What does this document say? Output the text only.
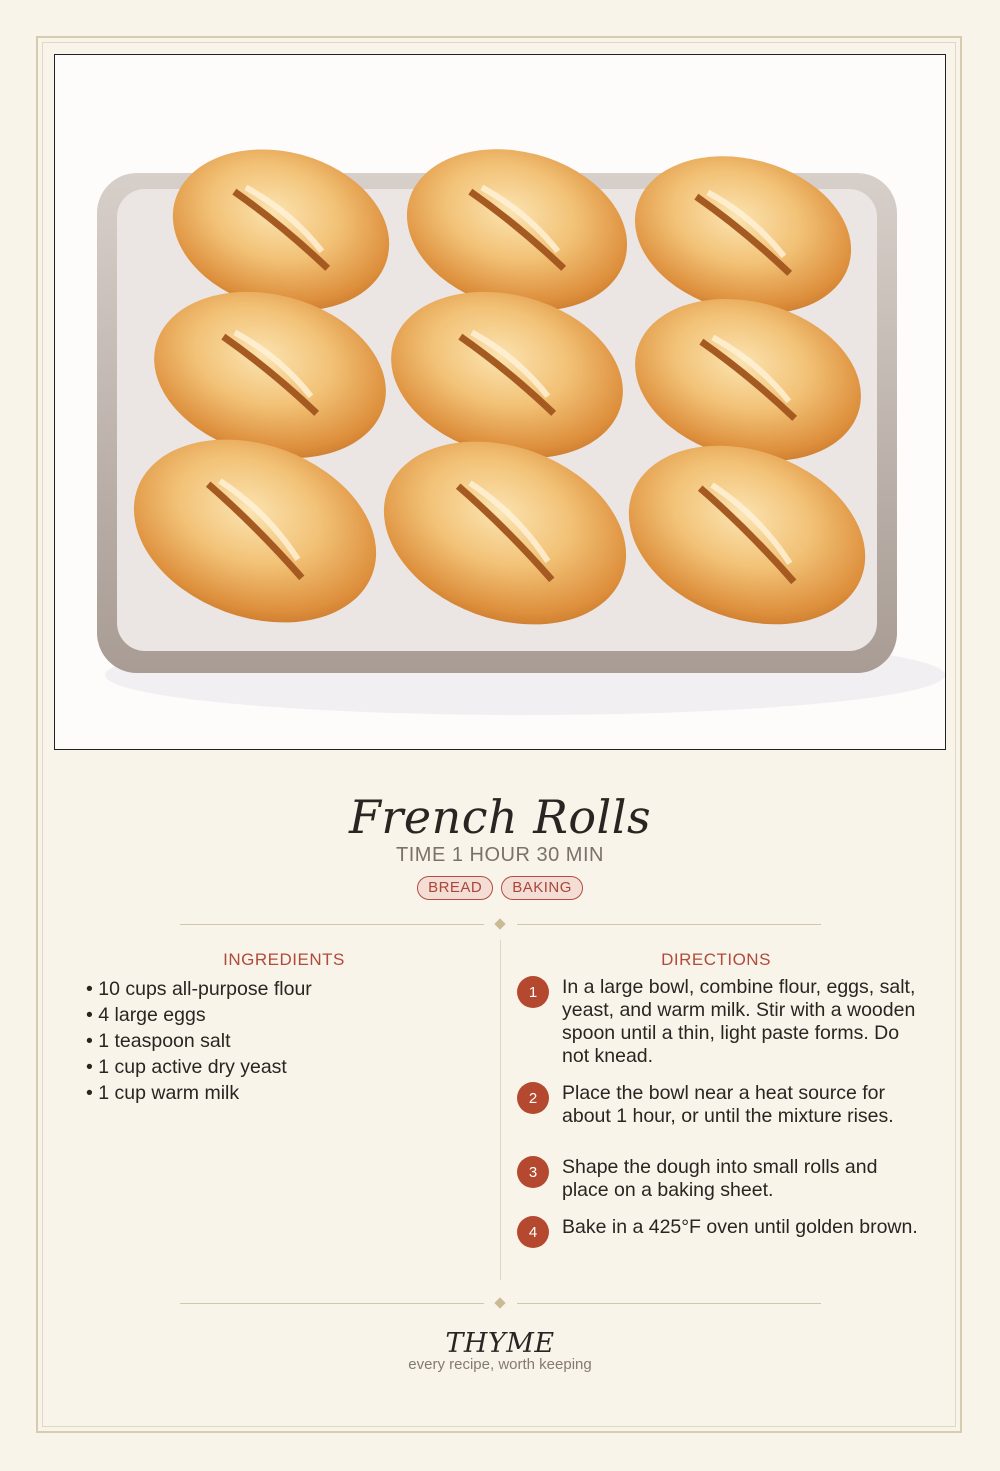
French Rolls
TIME 1 HOUR 30 MIN
BREAD	BAKING
INGREDIENTS
• 10 cups all-purpose flour
• 4 large eggs
• 1 teaspoon salt
• 1 cup active dry yeast
• 1 cup warm milk
DIRECTIONS
1	In a large bowl, combine flour, eggs, salt, yeast, and warm milk. Stir with a wooden spoon until a thin, light paste forms. Do not knead.
2	Place the bowl near a heat source for about 1 hour, or until the mixture rises.
3	Shape the dough into small rolls and place on a baking sheet.
4	Bake in a 425°F oven until golden brown.
THYME
every recipe, worth keeping
